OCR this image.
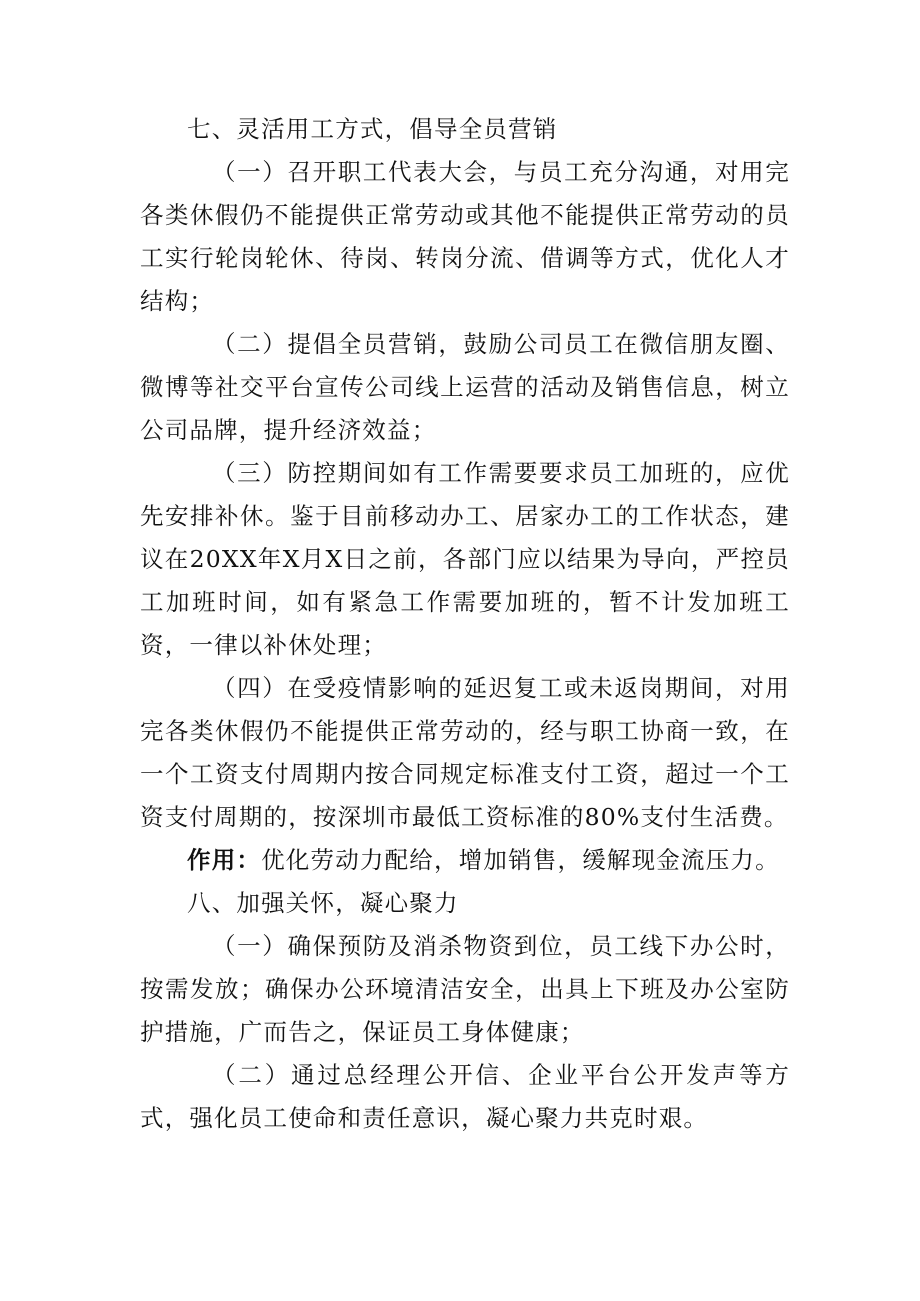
七、灵活用工方式，倡导全员营销

（一）召开职工代表大会，与员工充分沟通，对用完各类休假仍不能提供正常劳动或其他不能提供正常劳动的员工实行轮岗轮休、待岗、转岗分流、借调等方式，优化人才结构；

（二）提倡全员营销，鼓励公司员工在微信朋友圈、微博等社交平台宣传公司线上运营的活动及销售信息，树立公司品牌，提升经济效益；

（三）防控期间如有工作需要要求员工加班的，应优先安排补休。鉴于目前移动办工、居家办工的工作状态，建议在20XX年X月X日之前，各部门应以结果为导向，严控员工加班时间，如有紧急工作需要加班的，暂不计发加班工资，一律以补休处理；

（四）在受疫情影响的延迟复工或未返岗期间，对用完各类休假仍不能提供正常劳动的，经与职工协商一致，在一个工资支付周期内按合同规定标准支付工资，超过一个工资支付周期的，按深圳市最低工资标准的80%支付生活费。

作用：优化劳动力配给，增加销售，缓解现金流压力。

八、加强关怀，凝心聚力

（一）确保预防及消杀物资到位，员工线下办公时，按需发放；确保办公环境清洁安全，出具上下班及办公室防护措施，广而告之，保证员工身体健康；

（二）通过总经理公开信、企业平台公开发声等方式，强化员工使命和责任意识，凝心聚力共克时艰。
